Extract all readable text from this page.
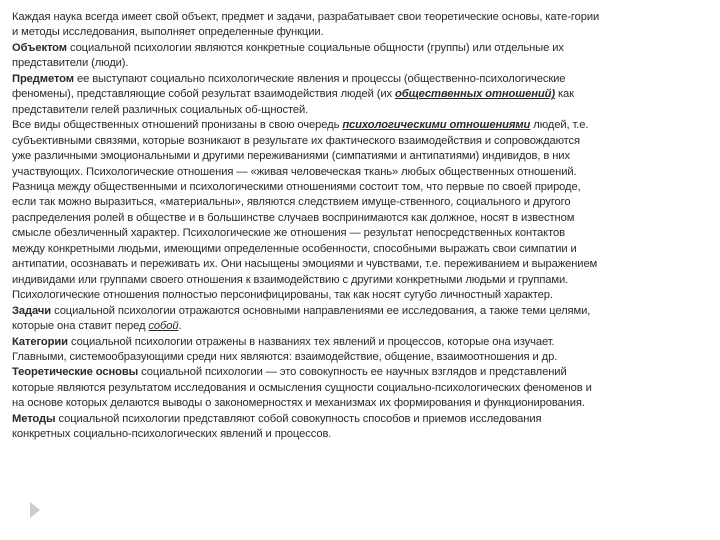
Каждая наука всегда имеет свой объект, предмет и задачи, разрабатывает свои теоретические основы, кате-гории
и методы исследования, выполняет определенные функции.
Объектом социальной психологии являются конкретные социальные общности (группы) или отдельные их
представители (люди).
Предметом ее выступают социально психологические явления и процессы (общественно-психологические
феномены), представляющие собой результат взаимодействия людей (их общественных отношений) как
представители гелей различных социальных об-щностей.
Все виды общественных отношений пронизаны в свою очередь психологическими отношениями людей, т.е.
субъективными связями, которые возникают в результате их фактического взаимодействия и сопровождаются
уже различными эмоциональными и другими переживаниями (симпатиями и антипатиями) индивидов, в них
участвующих. Психологические отношения — «живая человеческая ткань» любых общественных отношений.
Разница между общественными и психологическими отношениями состоит том, что первые по своей природе,
если так можно выразиться, «материальны», являются следствием имуще-ственного, социального и другого
распределения ролей в обществе и в большинстве случаев воспринимаются как должное, носят в известном
смысле обезличенный характер. Психологические же отношения — результат непосредственных контактов
между конкретными людьми, имеющими определенные особенности, способными выражать свои симпатии и
антипатии, осознавать и переживать их. Они насыщены эмоциями и чувствами, т.е. переживанием и выражением
индивидами или группами своего отношения к взаимодействию с другими конкретными людьми и группами.
Психологические отношения полностью персонифицированы, так как носят сугубо личностный характер.
Задачи социальной психологии отражаются основными направлениями ее исследования, а также теми целями,
которые она ставит перед собой.
Категории социальной психологии отражены в названиях тех явлений и процессов, которые она изучает.
Главными, системообразующими среди них являются: взаимодействие, общение, взаимоотношения и др.
Теоретические основы социальной психологии — это совокупность ее научных взглядов и представлений
которые являются результатом исследования и осмысления сущности социально-психологических феноменов и
на основе которых делаются выводы о закономерностях и механизмах их формирования и функционирования.
Методы социальной психологии представляют собой совокупность способов и приемов исследования
конкретных социально-психологических явлений и процессов.
